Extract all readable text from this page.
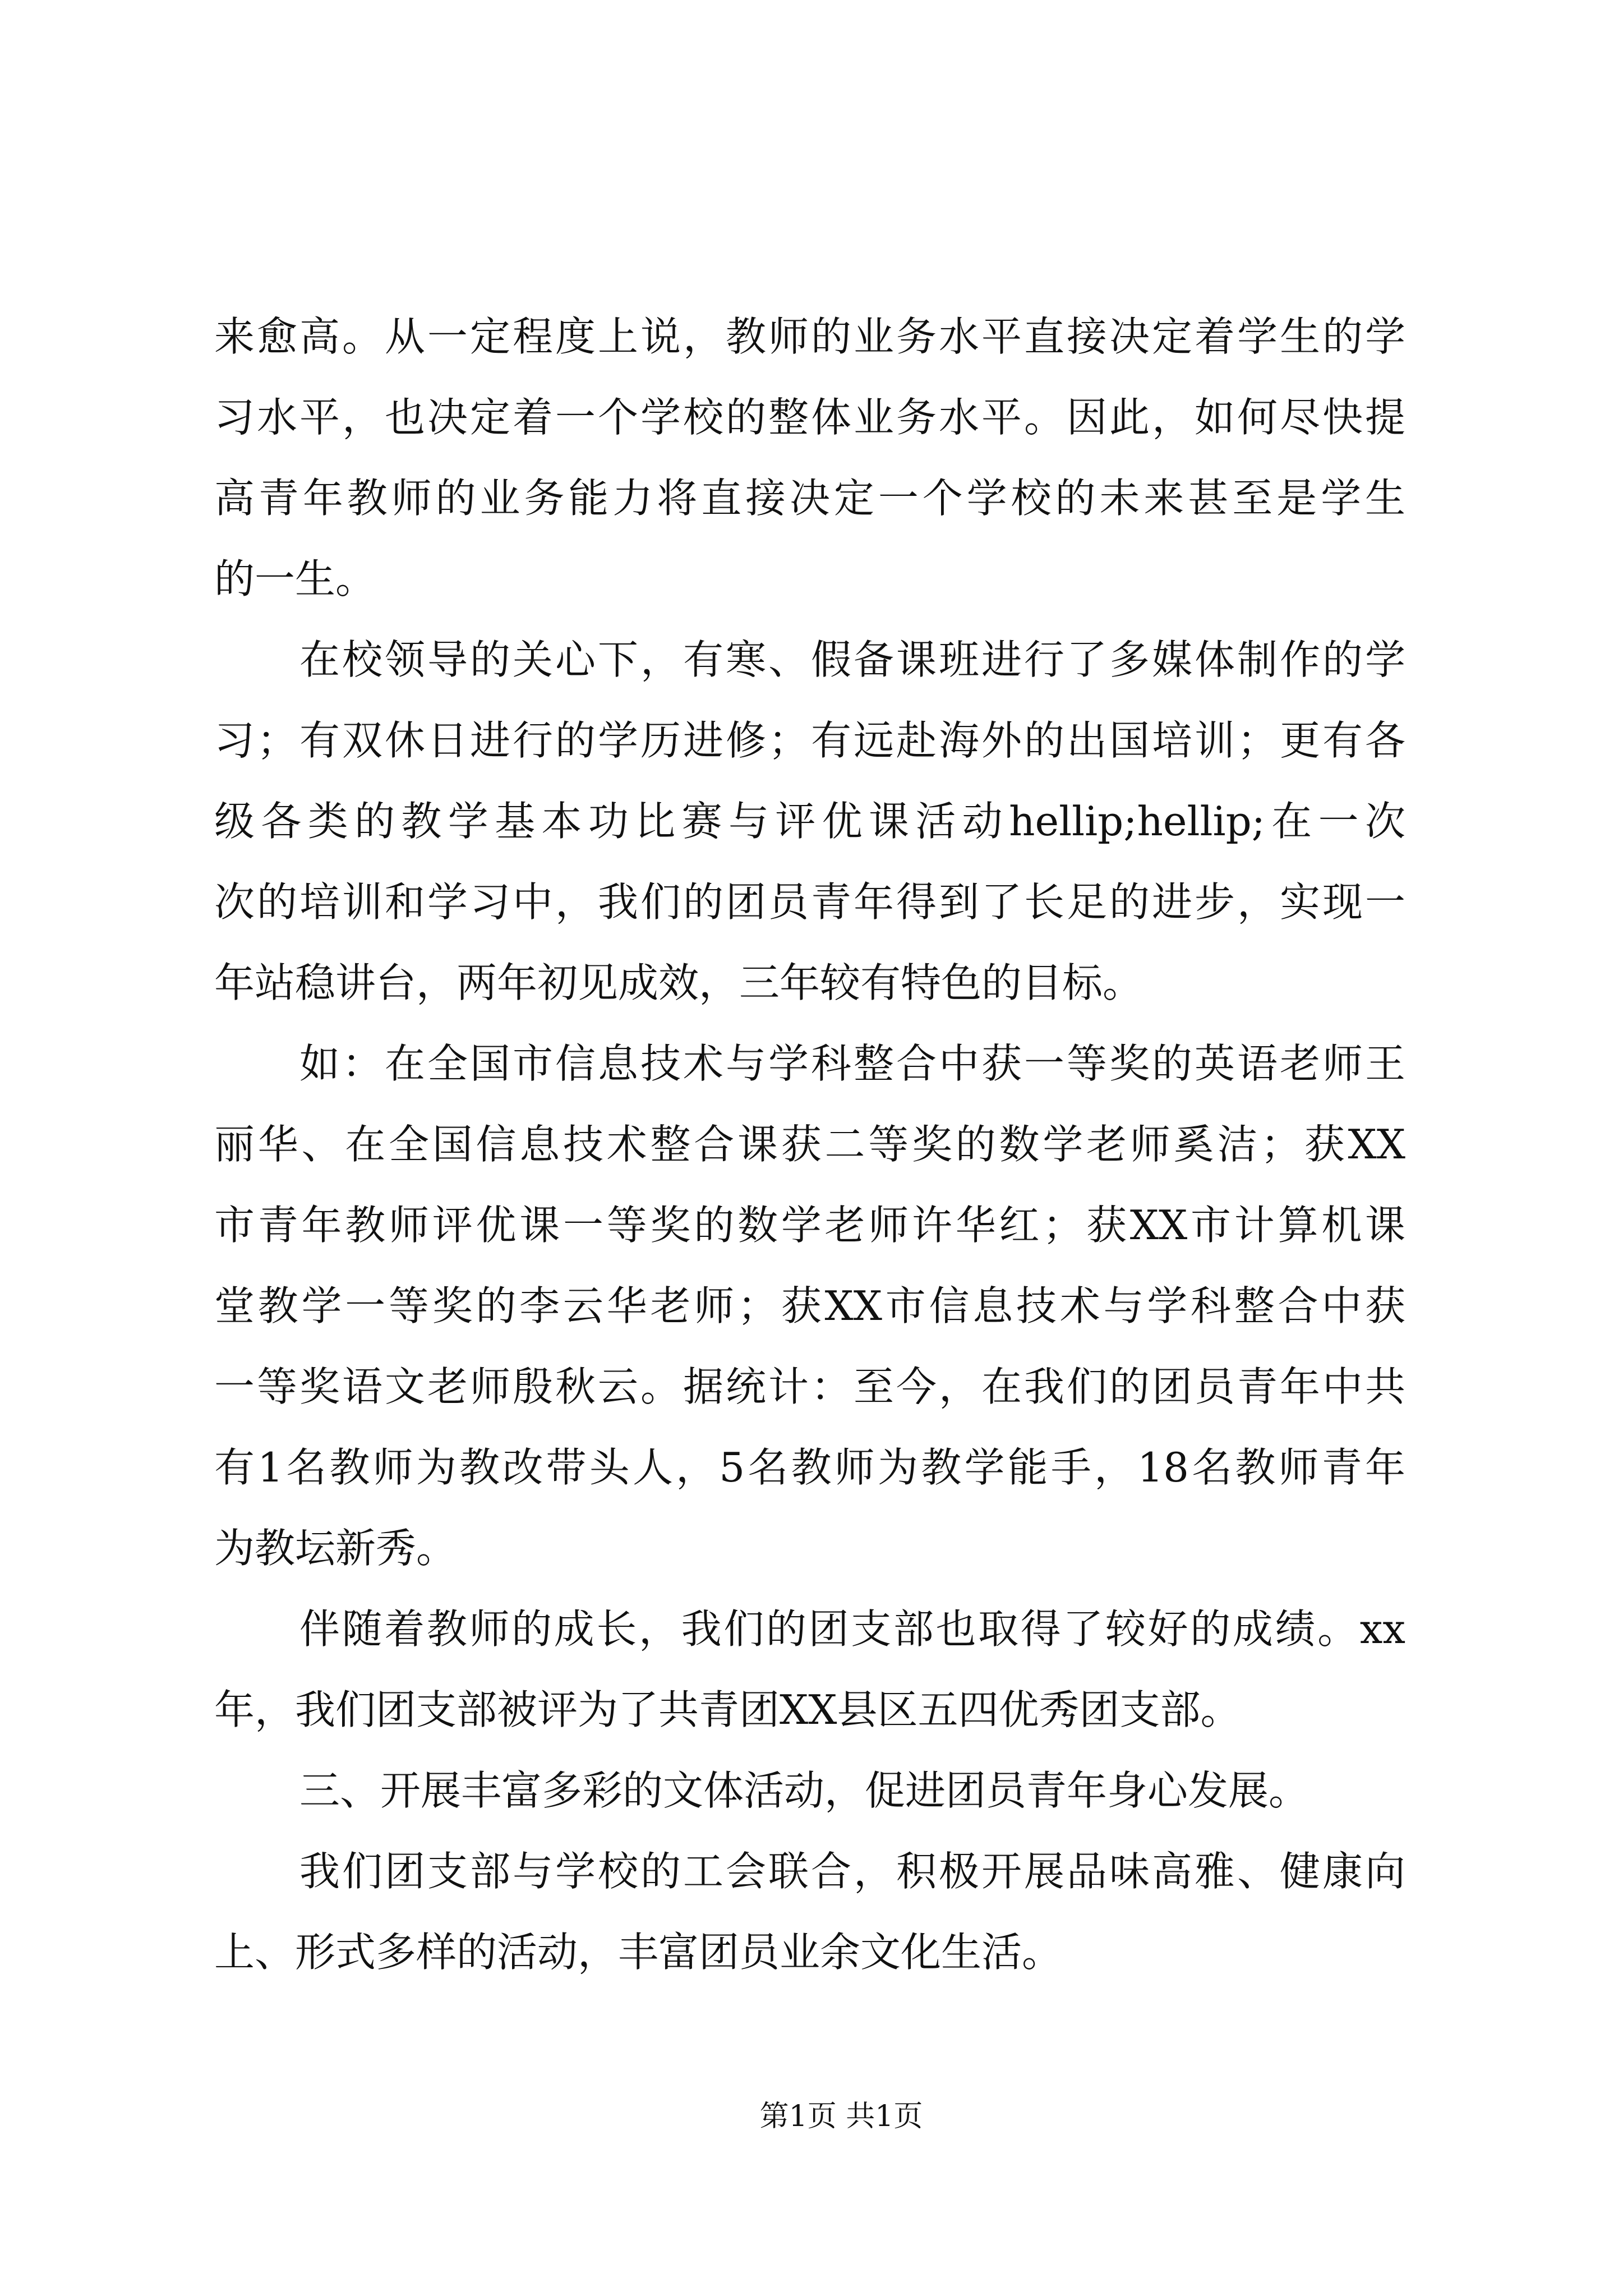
来愈高。从一定程度上说，教师的业务水平直接决定着学生的学
习水平，也决定着一个学校的整体业务水平。因此，如何尽快提
高青年教师的业务能力将直接决定一个学校的未来甚至是学生
的一生。
在校领导的关心下，有寒、假备课班进行了多媒体制作的学
习；有双休日进行的学历进修；有远赴海外的出国培训；更有各
级各类的教学基本功比赛与评优课活动hellip;hellip;在一次
次的培训和学习中，我们的团员青年得到了长足的进步，实现一
年站稳讲台，两年初见成效，三年较有特色的目标。
如：在全国市信息技术与学科整合中获一等奖的英语老师王
丽华、在全国信息技术整合课获二等奖的数学老师奚洁；获XX
市青年教师评优课一等奖的数学老师许华红；获XX市计算机课
堂教学一等奖的李云华老师；获XX市信息技术与学科整合中获
一等奖语文老师殷秋云。据统计：至今，在我们的团员青年中共
有1名教师为教改带头人，5名教师为教学能手，18名教师青年
为教坛新秀。
伴随着教师的成长，我们的团支部也取得了较好的成绩。xx
年，我们团支部被评为了共青团XX县区五四优秀团支部。
三、开展丰富多彩的文体活动，促进团员青年身心发展。
我们团支部与学校的工会联合，积极开展品味高雅、健康向
上、形式多样的活动，丰富团员业余文化生活。
第1页 共1页
